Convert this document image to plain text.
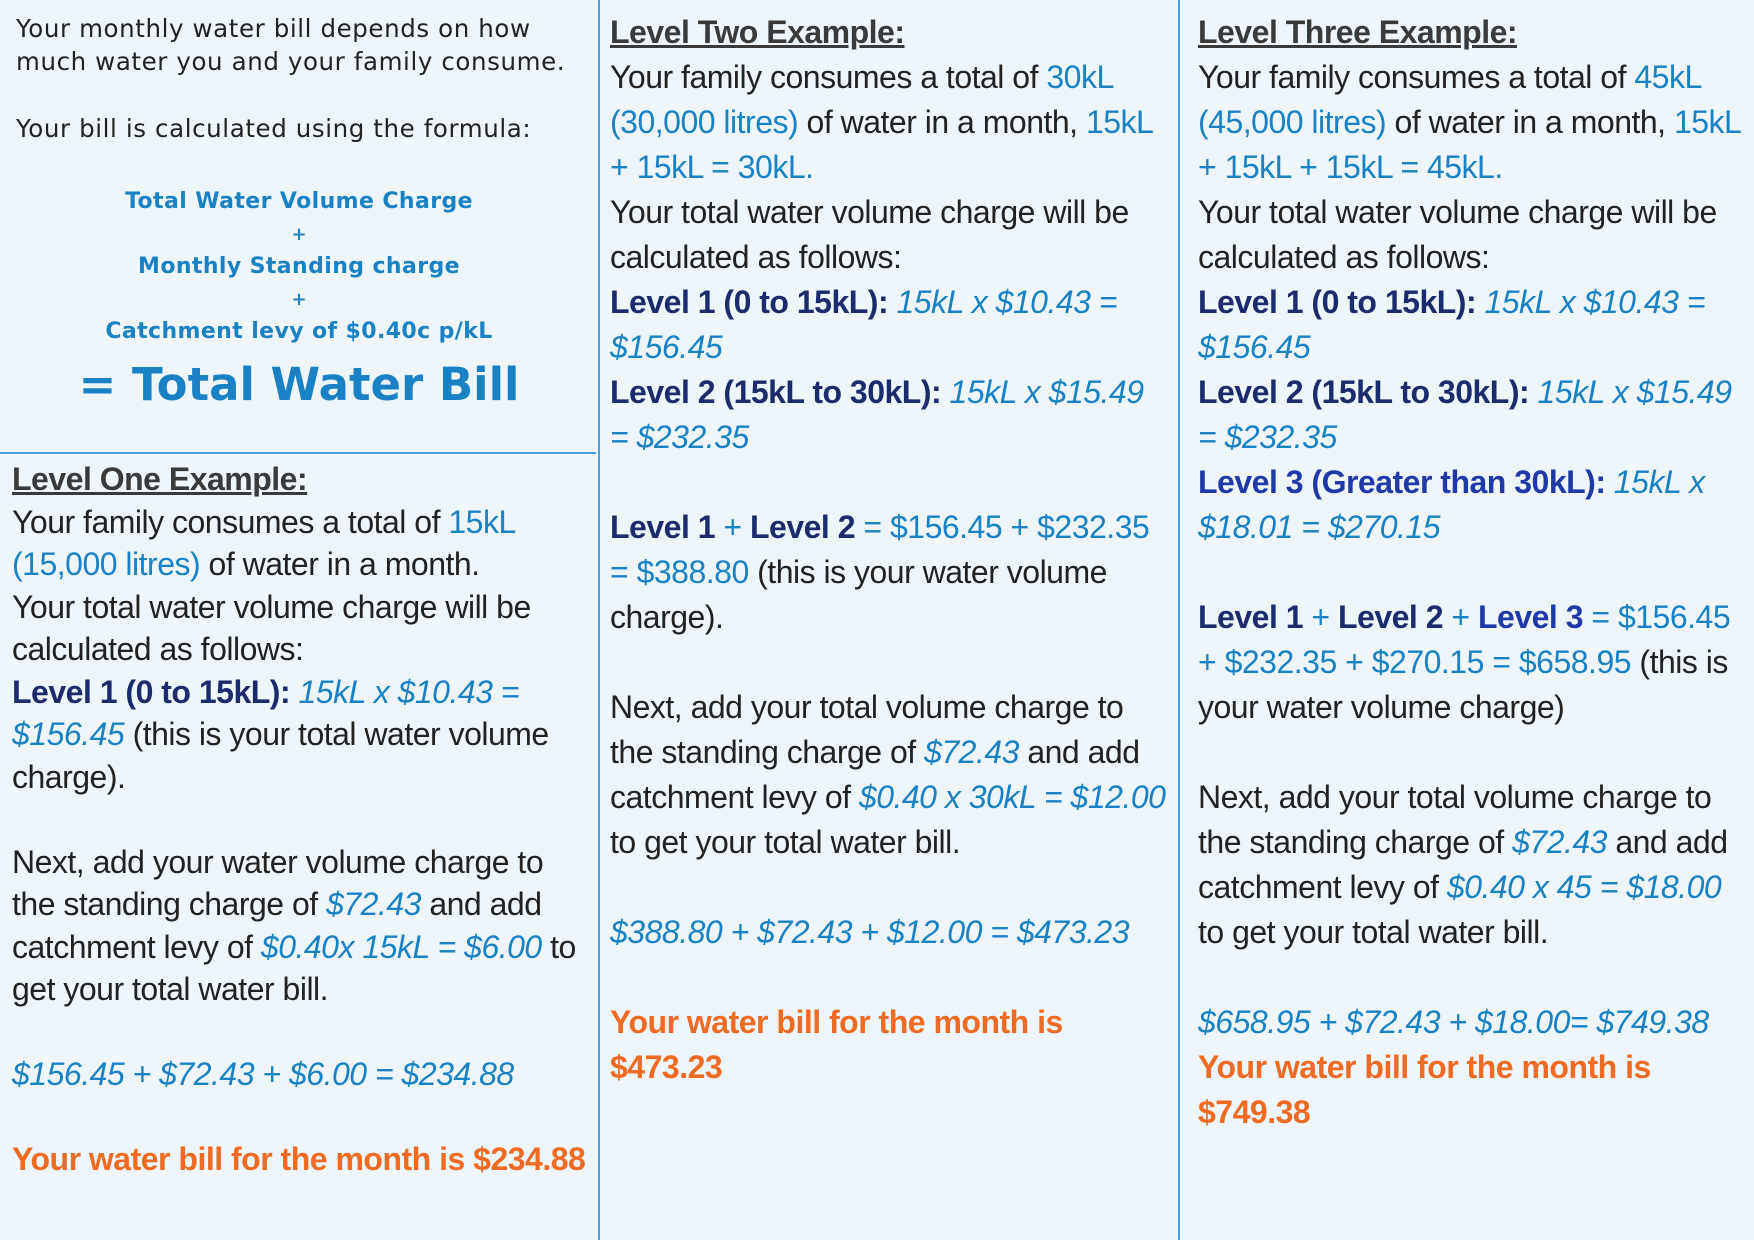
Your monthly water bill depends on how much water you and your family consume.

Your bill is calculated using the formula:

Total Water Volume Charge
+
Monthly Standing charge
+
Catchment levy of $0.40c p/kL
= Total Water Bill

Level One Example:

Your family consumes a total of 15kL (15,000 litres) of water in a month.

Your total water volume charge will be calculated as follows:

Level 1 (0 to 15kL): 15kL x $10.43 = $156.45 (this is your total water volume charge).

Next, add your water volume charge to the standing charge of $72.43 and add catchment levy of $0.40x 15kL = $6.00 to get your total water bill.

$156.45 + $72.43 + $6.00 = $234.88

Your water bill for the month is $234.88

Level Two Example:

Your family consumes a total of 30kL (30,000 litres) of water in a month, 15kL + 15kL = 30kL.

Your total water volume charge will be calculated as follows:

Level 1 (0 to 15kL): 15kL x $10.43 = $156.45

Level 2 (15kL to 30kL): 15kL x $15.49 = $232.35

Level 1 + Level 2 = $156.45 + $232.35 = $388.80 (this is your water volume charge).

Next, add your total volume charge to the standing charge of $72.43 and add catchment levy of $0.40 x 30kL = $12.00 to get your total water bill.

$388.80 + $72.43 + $12.00 = $473.23

Your water bill for the month is $473.23

Level Three Example:

Your family consumes a total of 45kL (45,000 litres) of water in a month, 15kL + 15kL + 15kL = 45kL.

Your total water volume charge will be calculated as follows:

Level 1 (0 to 15kL): 15kL x $10.43 = $156.45

Level 2 (15kL to 30kL): 15kL x $15.49 = $232.35

Level 3 (Greater than 30kL): 15kL x $18.01 = $270.15

Level 1 + Level 2 + Level 3 = $156.45 + $232.35 + $270.15 = $658.95 (this is your water volume charge)

Next, add your total volume charge to the standing charge of $72.43 and add catchment levy of $0.40 x 45 = $18.00 to get your total water bill.

$658.95 + $72.43 + $18.00= $749.38

Your water bill for the month is $749.38
